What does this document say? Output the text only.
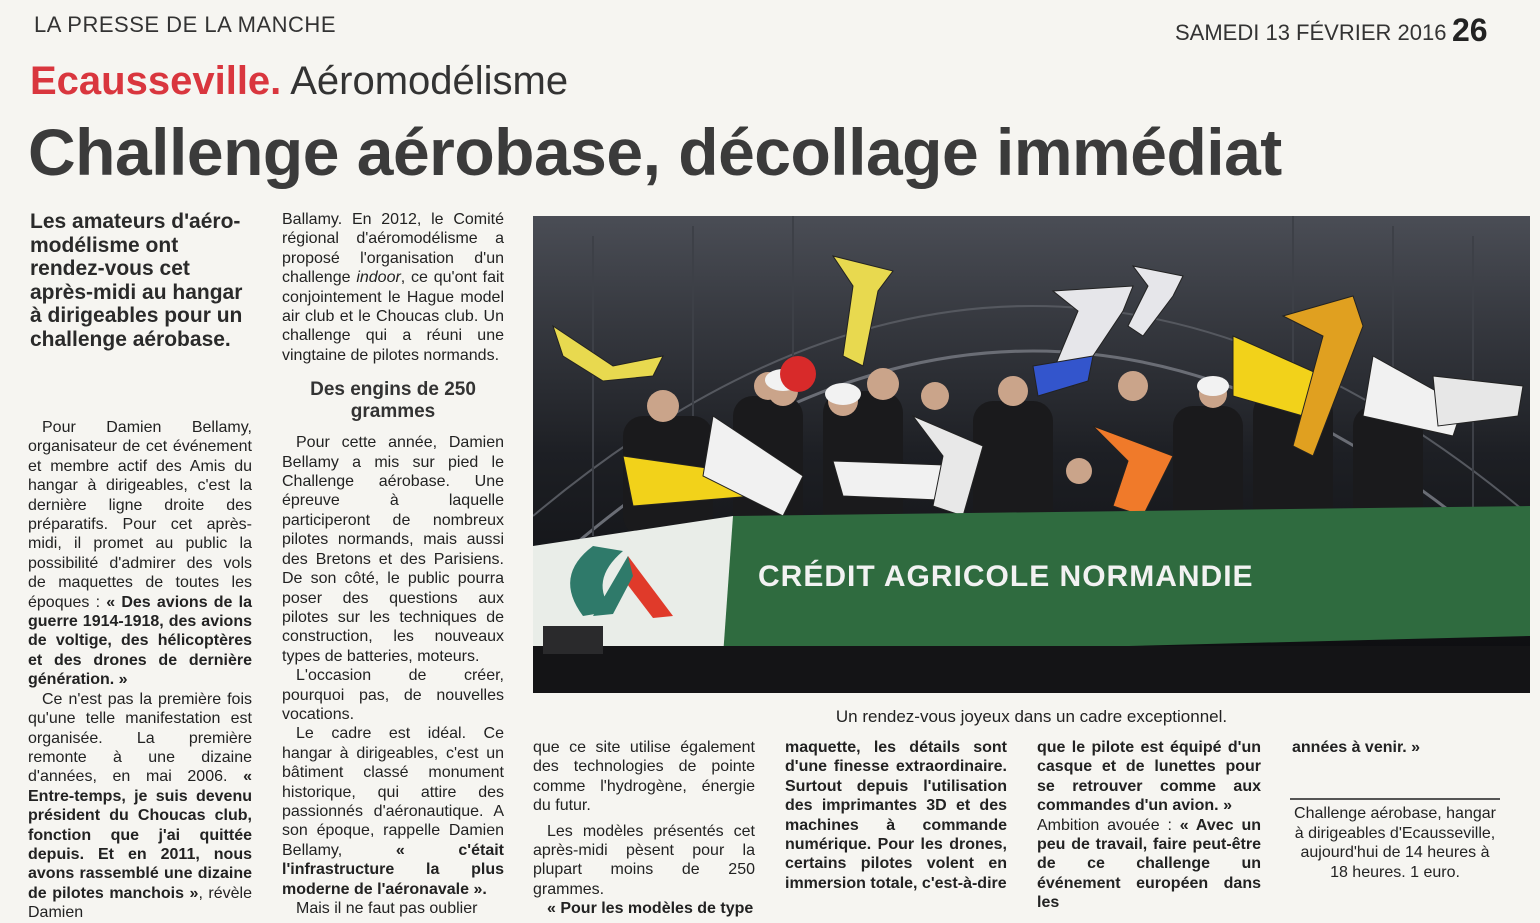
LA PRESSE DE LA MANCHE	SAMEDI 13 FÉVRIER 2016 26
Ecausseville. Aéromodélisme
Challenge aérobase, décollage immédiat
Les amateurs d'aéro-modélisme ont rendez-vous cet après-midi au hangar à dirigeables pour un challenge aérobase.

Pour Damien Bellamy, organisateur de cet événement et membre actif des Amis du hangar à dirigeables, c'est la dernière ligne droite des préparatifs. Pour cet après-midi, il promet au public la possibilité d'admirer des vols de maquettes de toutes les époques : « Des avions de la guerre 1914-1918, des avions de voltige, des hélicoptères et des drones de dernière génération. »

Ce n'est pas la première fois qu'une telle manifestation est organisée. La première remonte à une dizaine d'années, en mai 2006. « Entre-temps, je suis devenu président du Choucas club, fonction que j'ai quittée depuis. Et en 2011, nous avons rassemblé une dizaine de pilotes manchois », révèle Damien

Ballamy. En 2012, le Comité régional d'aéromodélisme a proposé l'organisation d'un challenge indoor, ce qu'ont fait conjointement le Hague model air club et le Choucas club. Un challenge qui a réuni une vingtaine de pilotes normands.

Des engins de 250 grammes

Pour cette année, Damien Bellamy a mis sur pied le Challenge aérobase. Une épreuve à laquelle participeront de nombreux pilotes normands, mais aussi des Bretons et des Parisiens. De son côté, le public pourra poser des questions aux pilotes sur les techniques de construction, les nouveaux types de batteries, moteurs.

L'occasion de créer, pourquoi pas, de nouvelles vocations.

Le cadre est idéal. Ce hangar à dirigeables, c'est un bâtiment classé monument historique, qui attire des passionnés d'aéronautique. A son époque, rappelle Damien Bellamy,	« c'était l'infrastructure la plus moderne de l'aéronavale ».

Mais il ne faut pas oublier

CRÉDIT AGRICOLE NORMANDIE
Un rendez-vous joyeux dans un cadre exceptionnel.

que ce site utilise également des technologies de pointe comme l'hydrogène, énergie du futur.

Les modèles présentés cet après-midi pèsent pour la plupart moins de 250 grammes.

« Pour les modèles de type

maquette, les détails sont d'une finesse extraordinaire. Surtout depuis l'utilisation des imprimantes 3D et des machines à commande numérique. Pour les drones, certains pilotes volent en immersion totale, c'est-à-dire

que le pilote est équipé d'un casque et de lunettes pour se retrouver comme aux commandes d'un avion. »

Ambition avouée : « Avec un peu de travail, faire peut-être de ce challenge un événement européen dans les

années à venir. »

Challenge aérobase, hangar à dirigeables d'Ecausseville, aujourd'hui de 14 heures à 18 heures. 1 euro.
